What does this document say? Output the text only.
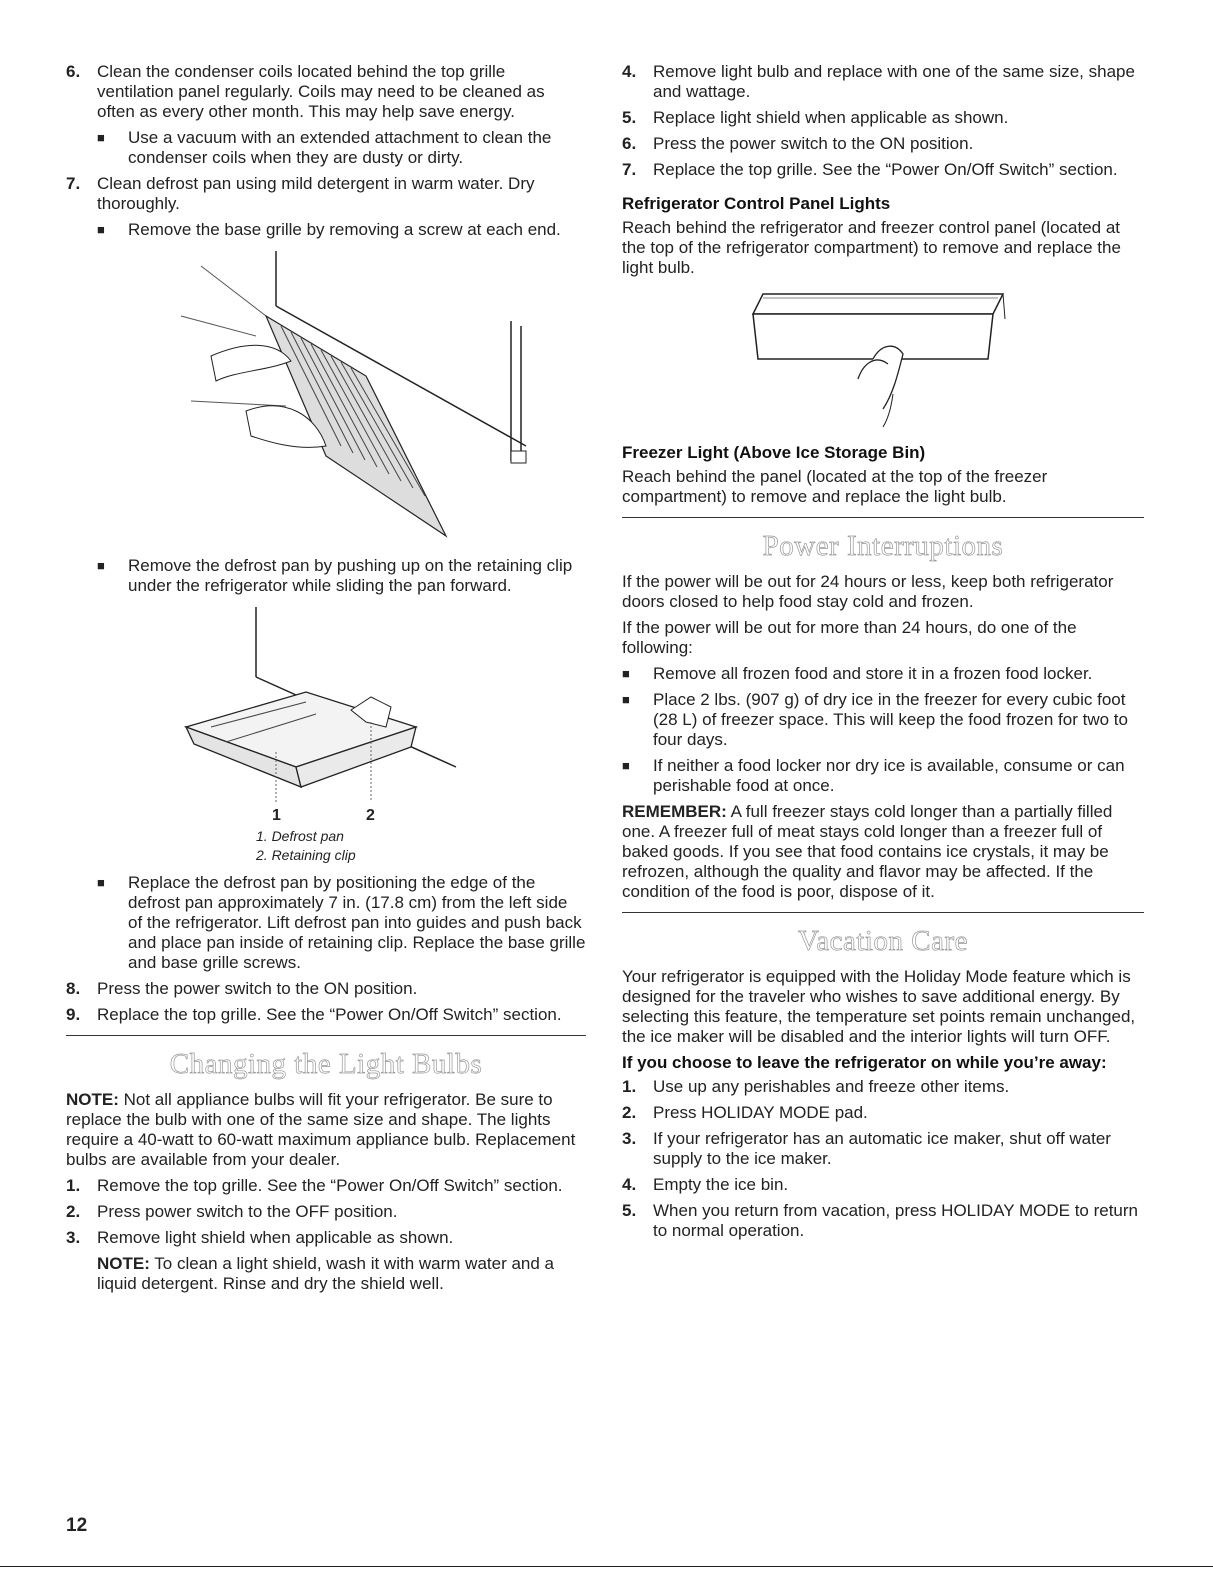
6. Clean the condenser coils located behind the top grille ventilation panel regularly. Coils may need to be cleaned as often as every other month. This may help save energy.
■	Use a vacuum with an extended attachment to clean the condenser coils when they are dusty or dirty.
7. Clean defrost pan using mild detergent in warm water. Dry thoroughly.
■	Remove the base grille by removing a screw at each end.
■	Remove the defrost pan by pushing up on the retaining clip under the refrigerator while sliding the pan forward.
1	2
1. Defrost pan
2. Retaining clip
■	Replace the defrost pan by positioning the edge of the defrost pan approximately 7 in. (17.8 cm) from the left side of the refrigerator. Lift defrost pan into guides and push back and place pan inside of retaining clip. Replace the base grille and base grille screws.
8. Press the power switch to the ON position.
9. Replace the top grille. See the “Power On/Off Switch” section.
Changing the Light Bulbs
NOTE: Not all appliance bulbs will fit your refrigerator. Be sure to replace the bulb with one of the same size and shape. The lights require a 40-watt to 60-watt maximum appliance bulb. Replacement bulbs are available from your dealer.
1. Remove the top grille. See the “Power On/Off Switch” section.
2. Press power switch to the OFF position.
3. Remove light shield when applicable as shown.
NOTE: To clean a light shield, wash it with warm water and a liquid detergent. Rinse and dry the shield well.
4. Remove light bulb and replace with one of the same size, shape and wattage.
5. Replace light shield when applicable as shown.
6. Press the power switch to the ON position.
7. Replace the top grille. See the “Power On/Off Switch” section.
Refrigerator Control Panel Lights
Reach behind the refrigerator and freezer control panel (located at the top of the refrigerator compartment) to remove and replace the light bulb.
Freezer Light (Above Ice Storage Bin)
Reach behind the panel (located at the top of the freezer compartment) to remove and replace the light bulb.
Power Interruptions
If the power will be out for 24 hours or less, keep both refrigerator doors closed to help food stay cold and frozen.
If the power will be out for more than 24 hours, do one of the following:
■	Remove all frozen food and store it in a frozen food locker.
■	Place 2 lbs. (907 g) of dry ice in the freezer for every cubic foot (28 L) of freezer space. This will keep the food frozen for two to four days.
■	If neither a food locker nor dry ice is available, consume or can perishable food at once.
REMEMBER: A full freezer stays cold longer than a partially filled one. A freezer full of meat stays cold longer than a freezer full of baked goods. If you see that food contains ice crystals, it may be refrozen, although the quality and flavor may be affected. If the condition of the food is poor, dispose of it.
Vacation Care
Your refrigerator is equipped with the Holiday Mode feature which is designed for the traveler who wishes to save additional energy. By selecting this feature, the temperature set points remain unchanged, the ice maker will be disabled and the interior lights will turn OFF.
If you choose to leave the refrigerator on while you’re away:
1. Use up any perishables and freeze other items.
2. Press HOLIDAY MODE pad.
3. If your refrigerator has an automatic ice maker, shut off water supply to the ice maker.
4. Empty the ice bin.
5. When you return from vacation, press HOLIDAY MODE to return to normal operation.
12
